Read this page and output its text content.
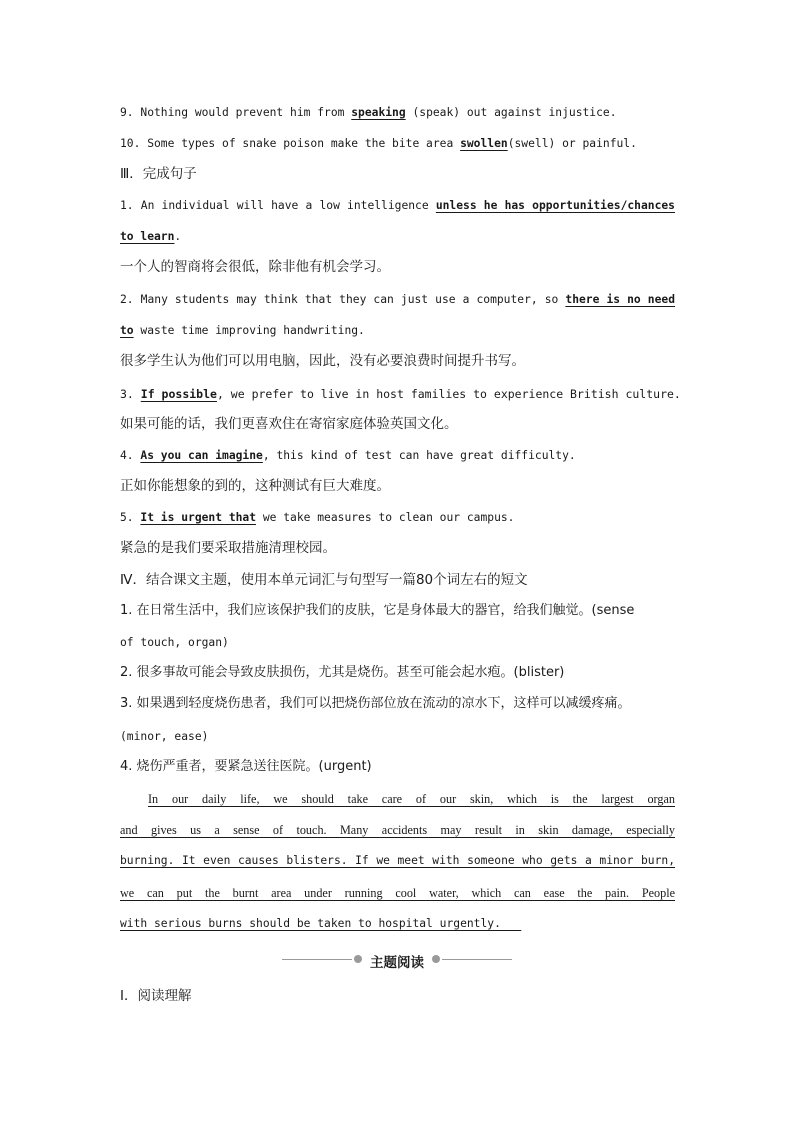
9. Nothing would prevent him from speaking (speak) out against injustice.
10. Some types of snake poison make the bite area swollen(swell) or painful.
Ⅲ．完成句子
1. An individual will have a low intelligence unless he has opportunities/chances
to learn.
一个人的智商将会很低，除非他有机会学习。
2. Many students may think that they can just use a computer, so there is no need
to waste time improving handwriting.
很多学生认为他们可以用电脑，因此，没有必要浪费时间提升书写。
3. If possible, we prefer to live in host families to experience British culture.
如果可能的话，我们更喜欢住在寄宿家庭体验英国文化。
4. As you can imagine, this kind of test can have great difficulty.
正如你能想象的到的，这种测试有巨大难度。
5. It is urgent that we take measures to clean our campus.
紧急的是我们要采取措施清理校园。
Ⅳ．结合课文主题，使用本单元词汇与句型写一篇80个词左右的短文
1. 在日常生活中，我们应该保护我们的皮肤，它是身体最大的器官，给我们触觉。(sense
of touch, organ)
2. 很多事故可能会导致皮肤损伤，尤其是烧伤。甚至可能会起水疱。(blister)
3. 如果遇到轻度烧伤患者，我们可以把烧伤部位放在流动的凉水下，这样可以减缓疼痛。
(minor, ease)
4. 烧伤严重者，要紧急送往医院。(urgent)
In our daily life, we should take care of our skin, which is the largest organ
and gives us a sense of touch. Many accidents may result in skin damage, especially
burning. It even causes blisters. If we meet with someone who gets a minor burn,
we can put the burnt area under running cool water, which can ease the pain. People
with serious burns should be taken to hospital urgently.
主题阅读
Ⅰ．阅读理解
